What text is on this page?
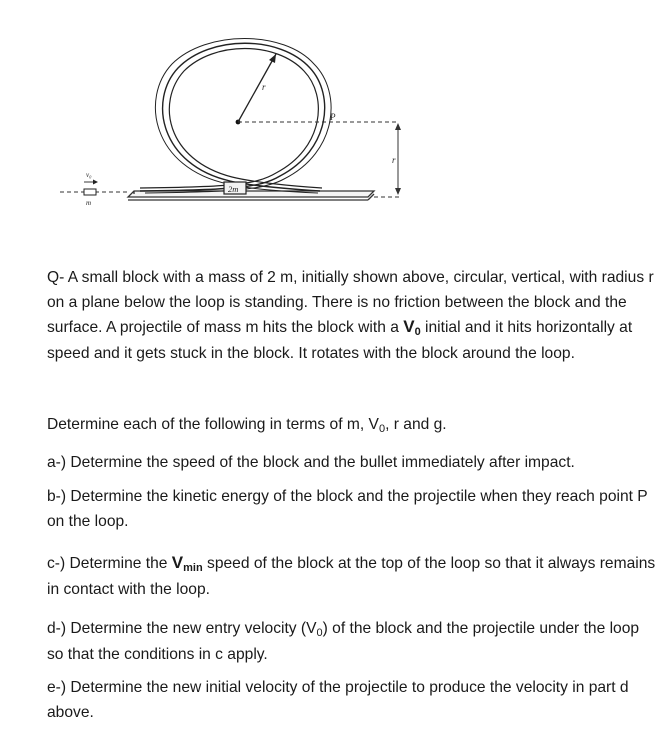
r
P
r
2m
v₀
m

Q- A small block with a mass of 2 m, initially shown above, circular, vertical, with radius r on a plane below the loop is standing. There is no friction between the block and the surface. A projectile of mass m hits the block with a V0 initial and it hits horizontally at speed and it gets stuck in the block. It rotates with the block around the loop.

Determine each of the following in terms of m, V0, r and g.

a-) Determine the speed of the block and the bullet immediately after impact.

b-) Determine the kinetic energy of the block and the projectile when they reach point P on the loop.

c-) Determine the Vmin speed of the block at the top of the loop so that it always remains in contact with the loop.

d-) Determine the new entry velocity (V0) of the block and the projectile under the loop so that the conditions in c apply.

e-) Determine the new initial velocity of the projectile to produce the velocity in part d above.
